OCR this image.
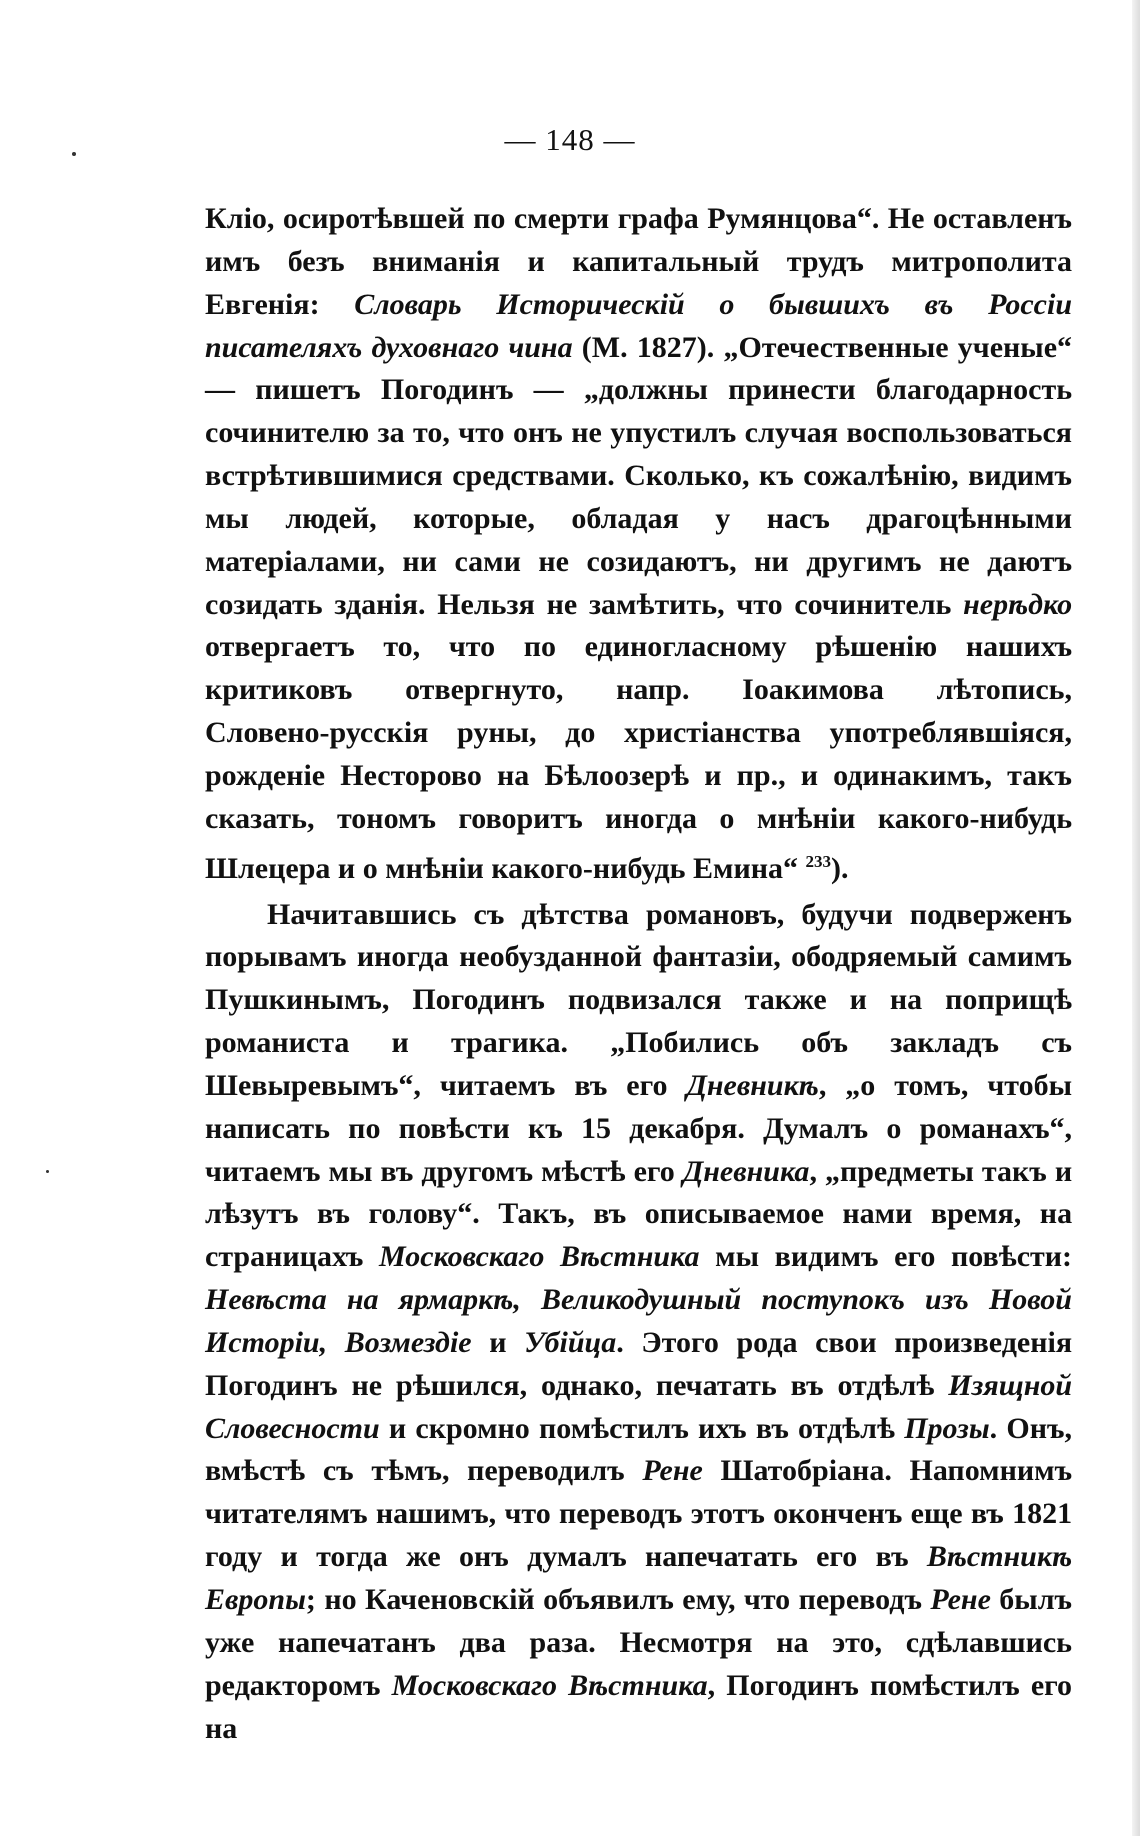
— 148 —
Кліо, осиротѣвшей по смерти графа Румянцова“. Не оставленъ
имъ безъ вниманія и капитальный трудъ митрополита
Евгенія: Словарь Историческій о бывшихъ въ Россіи
писателяхъ духовнаго чина (М. 1827). „Отечественные ученые“
— пишетъ Погодинъ — „должны принести благодарность
сочинителю за то, что онъ не упустилъ случая воспользоваться
встрѣтившимися средствами. Сколько, къ сожалѣнію, видимъ
мы людей, которые, обладая у насъ драгоцѣнными
матеріалами, ни сами не созидаютъ, ни другимъ не даютъ
созидать зданія. Нельзя не замѣтить, что сочинитель нерѣдко
отвергаетъ то, что по единогласному рѣшенію нашихъ
критиковъ отвергнуто, напр. Іоакимова лѣтопись,
Словено-русскія руны, до христіанства употреблявшіяся,
рожденіе Несторово на Бѣлоозерѣ и пр., и одинакимъ, такъ
сказать, тономъ говоритъ иногда о мнѣніи какого-нибудь
Шлецера и о мнѣніи какого-нибудь Емина“ $^{233}$).
Начитавшись съ дѣтства романовъ, будучи подверженъ
порывамъ иногда необузданной фантазіи, ободряемый самимъ
Пушкинымъ, Погодинъ подвизался также и на поприщѣ
романиста и трагика. „Побились объ закладъ съ
Шевыревымъ“, читаемъ въ его Дневникѣ, „о томъ, чтобы
написать по повѣсти къ 15 декабря. Думалъ о романахъ“,
читаемъ мы въ другомъ мѣстѣ его Дневника, „предметы такъ и
лѣзутъ въ голову“. Такъ, въ описываемое нами время, на
страницахъ Московскаго Вѣстника мы видимъ его повѣсти:
Невѣста на ярмаркѣ, Великодушный поступокъ изъ Новой
Исторіи, Возмездіе и Убійца. Этого рода свои произведенія
Погодинъ не рѣшился, однако, печатать въ отдѣлѣ Изящной
Словесности и скромно помѣстилъ ихъ въ отдѣлѣ Прозы. Онъ,
вмѣстѣ съ тѣмъ, переводилъ Рене Шатобріана. Напомнимъ
читателямъ нашимъ, что переводъ этотъ оконченъ еще въ 1821
году и тогда же онъ думалъ напечатать его въ Вѣстникѣ
Европы; но Каченовскій объявилъ ему, что переводъ Рене былъ
уже напечатанъ два раза. Несмотря на это, сдѣлавшись
редакторомъ Московскаго Вѣстника, Погодинъ помѣстилъ его
на
